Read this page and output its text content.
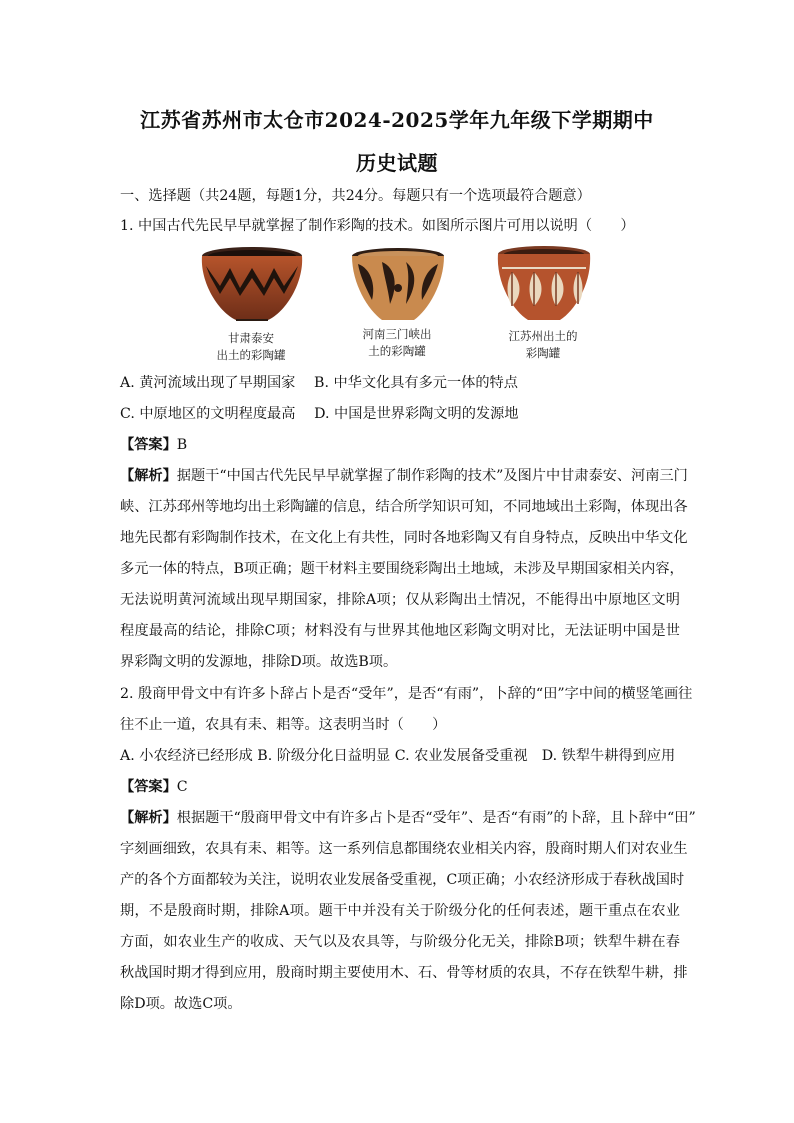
江苏省苏州市太仓市2024-2025学年九年级下学期期中
历史试题
一、选择题（共24题，每题1分，共24分。每题只有一个选项最符合题意）
1. 中国古代先民早早就掌握了制作彩陶的技术。如图所示图片可用以说明（　　）
甘肃泰安
出土的彩陶罐
河南三门峡出
土的彩陶罐
江苏州出土的
彩陶罐
A. 黄河流域出现了早期国家　 B. 中华文化具有多元一体的特点
C. 中原地区的文明程度最高　 D. 中国是世界彩陶文明的发源地
【答案】B
【解析】据题干“中国古代先民早早就掌握了制作彩陶的技术”及图片中甘肃泰安、河南三门
峡、江苏邳州等地均出土彩陶罐的信息，结合所学知识可知，不同地域出土彩陶，体现出各
地先民都有彩陶制作技术，在文化上有共性，同时各地彩陶又有自身特点，反映出中华文化
多元一体的特点，B项正确；题干材料主要围绕彩陶出土地域，未涉及早期国家相关内容，
无法说明黄河流域出现早期国家，排除A项；仅从彩陶出土情况，不能得出中原地区文明
程度最高的结论，排除C项；材料没有与世界其他地区彩陶文明对比，无法证明中国是世
界彩陶文明的发源地，排除D项。故选B项。
2. 殷商甲骨文中有许多卜辞占卜是否“受年”，是否“有雨”，卜辞的“田”字中间的横竖笔画往
往不止一道，农具有耒、耜等。这表明当时（　　）
A. 小农经济已经形成 B. 阶级分化日益明显 C. 农业发展备受重视　D. 铁犁牛耕得到应用
【答案】C
【解析】根据题干“殷商甲骨文中有许多占卜是否“受年”、是否“有雨”的卜辞，且卜辞中“田”
字刻画细致，农具有耒、耜等。这一系列信息都围绕农业相关内容，殷商时期人们对农业生
产的各个方面都较为关注，说明农业发展备受重视，C项正确；小农经济形成于春秋战国时
期，不是殷商时期，排除A项。题干中并没有关于阶级分化的任何表述，题干重点在农业
方面，如农业生产的收成、天气以及农具等，与阶级分化无关，排除B项；铁犁牛耕在春
秋战国时期才得到应用，殷商时期主要使用木、石、骨等材质的农具，不存在铁犁牛耕，排
除D项。故选C项。
